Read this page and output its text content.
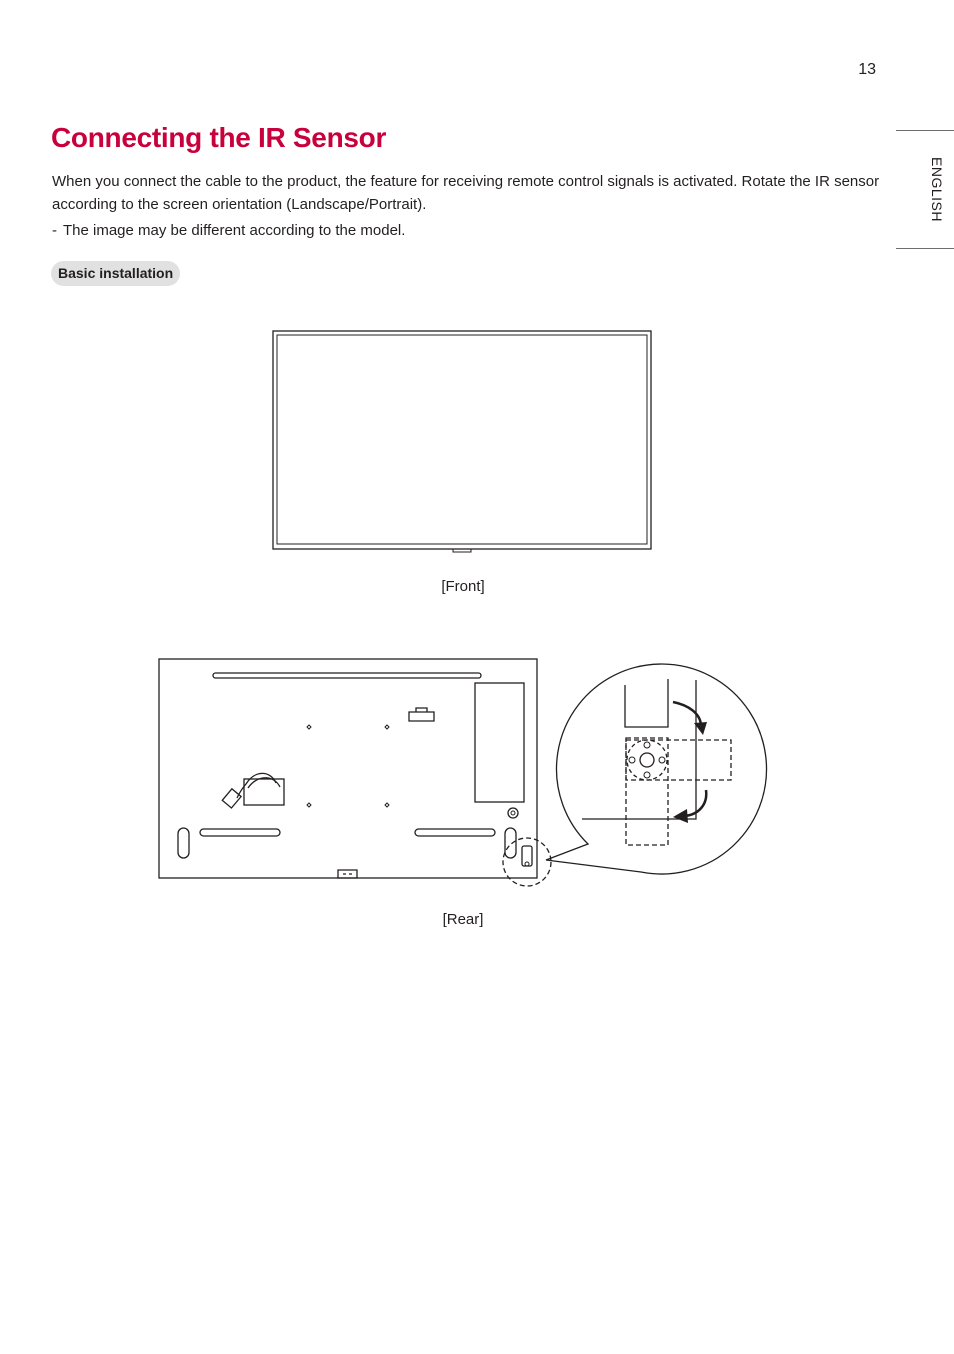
13
ENGLISH
Connecting the IR Sensor

When you connect the cable to the product, the feature for receiving remote control signals is activated. Rotate the IR sensor according to the screen orientation (Landscape/Portrait).

- The image may be different according to the model.

Basic installation
[Front]
[Rear]
